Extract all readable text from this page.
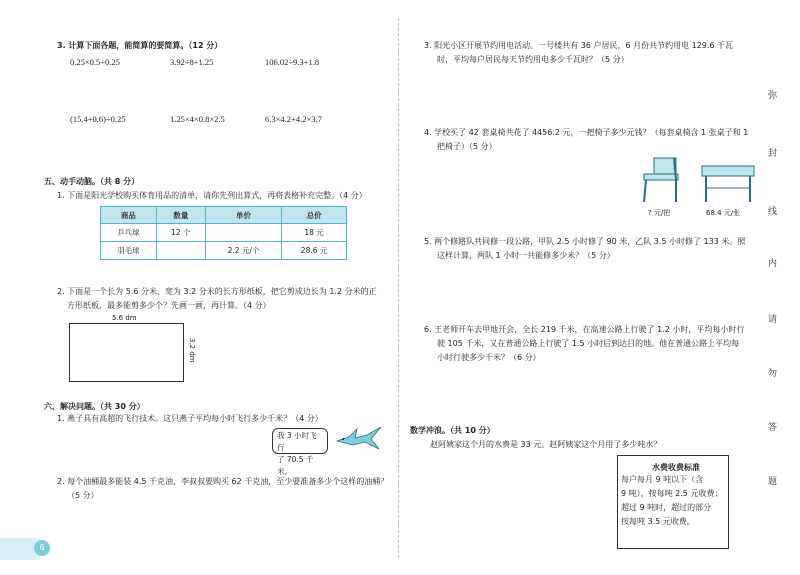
3. 计算下面各题，能简算的要简算。（12 分）
0.25×0.5÷0.25	3.92÷8÷1.25	106.02÷9.3+1.8
(15.4+0.6)÷0.25	1.25×4×0.8×2.5	6.3×4.2+4.2×3.7
五、动手动脑。（共 8 分）
1. 下面是阳光学校购买体育用品的清单，请你先列出算式，再将表格补充完整。（4 分）
商品	数量	单价	总价
乒乓球	12 个		18 元
羽毛球		2.2 元/个	28.6 元
2. 下面是一个长为 5.6 分米、宽为 3.2 分米的长方形纸板，把它剪成边长为 1.2 分米的正
方形纸板，最多能剪多少个？先画一画，再计算。（4 分）
5.6 dm
3.2 dm
六、解决问题。（共 30 分）
1. 燕子具有高超的飞行技术。这只燕子平均每小时飞行多少千米？（4 分）
我 3 小时飞行
了 70.5 千米。
2. 每个油桶最多能装 4.5 千克油，李叔叔要购买 62 千克油，至少要准备多少个这样的油桶？
（5 分）
6
3. 阳光小区开展节约用电活动。一号楼共有 36 户居民，6 月份共节约用电 129.6 千瓦
时，平均每户居民每天节约用电多少千瓦时？（5 分）
4. 学校买了 42 套桌椅共花了 4456.2 元，一把椅子多少元钱？（每套桌椅含 1 张桌子和 1
把椅子）（5 分）
? 元/把	68.4 元/张
5. 两个修路队共同修一段公路，甲队 2.5 小时修了 90 米，乙队 3.5 小时修了 133 米。照
这样计算，两队 1 小时一共能修多少米？（5 分）
6. 王老师开车去甲地开会，全长 219 千米，在高速公路上行驶了 1.2 小时，平均每小时行
驶 105 千米，又在普通公路上行驶了 1.5 小时后到达目的地。他在普通公路上平均每
小时行驶多少千米？（6 分）
数学冲浪。（共 10 分）
赵阿姨家这个月的水费是 33 元。赵阿姨家这个月用了多少吨水？
水费收费标准
每户每月 9 吨以下（含
9 吨），按每吨 2.5 元收费；
超过 9 吨时，超过的部分
按每吨 3.5 元收费。
弥
封
线
内
请
勿
答
题
